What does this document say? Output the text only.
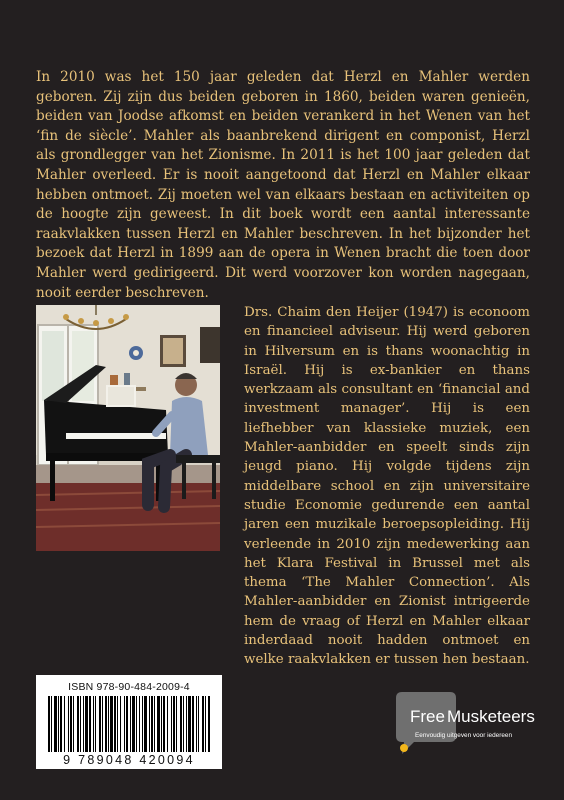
In 2010 was het 150 jaar geleden dat Herzl en Mahler werden geboren. Zij zijn dus beiden geboren in 1860, beiden waren genieën, beiden van Joodse afkomst en beiden verankerd in het Wenen van het ‘fin de siècle’. Mahler als baanbrekend dirigent en componist, Herzl als grondlegger van het Zionisme. In 2011 is het 100 jaar geleden dat Mahler overleed. Er is nooit aangetoond dat Herzl en Mahler elkaar hebben ontmoet. Zij moeten wel van elkaars bestaan en activiteiten op de hoogte zijn geweest. In dit boek wordt een aantal interessante raakvlakken tussen Herzl en Mahler beschreven. In het bijzonder het bezoek dat Herzl in 1899 aan de opera in Wenen bracht die toen door Mahler werd gedirigeerd. Dit werd voorzover kon worden nagegaan, nooit eerder beschreven.

Drs. Chaim den Heijer (1947) is econoom en financieel adviseur. Hij werd geboren in Hilversum en is thans woonachtig in Israël. Hij is ex-bankier en thans werkzaam als consultant en ‘financial and investment manager’. Hij is een liefhebber van klassieke muziek, een Mahler-aanbidder en speelt sinds zijn jeugd piano. Hij volgde tijdens zijn middelbare school en zijn universitaire studie Economie gedurende een aantal jaren een muzikale beroepsopleiding. Hij verleende in 2010 zijn medewerking aan het Klara Festival in Brussel met als thema ‘The Mahler Connection’. Als Mahler-aanbidder en Zionist intrigeerde hem de vraag of Herzl en Mahler elkaar inderdaad nooit hadden ontmoet en welke raakvlakken er tussen hen bestaan.

ISBN 978-90-484-2009-4
9 789048 420094
Free Musketeers
Eenvoudig uitgeven voor iedereen
